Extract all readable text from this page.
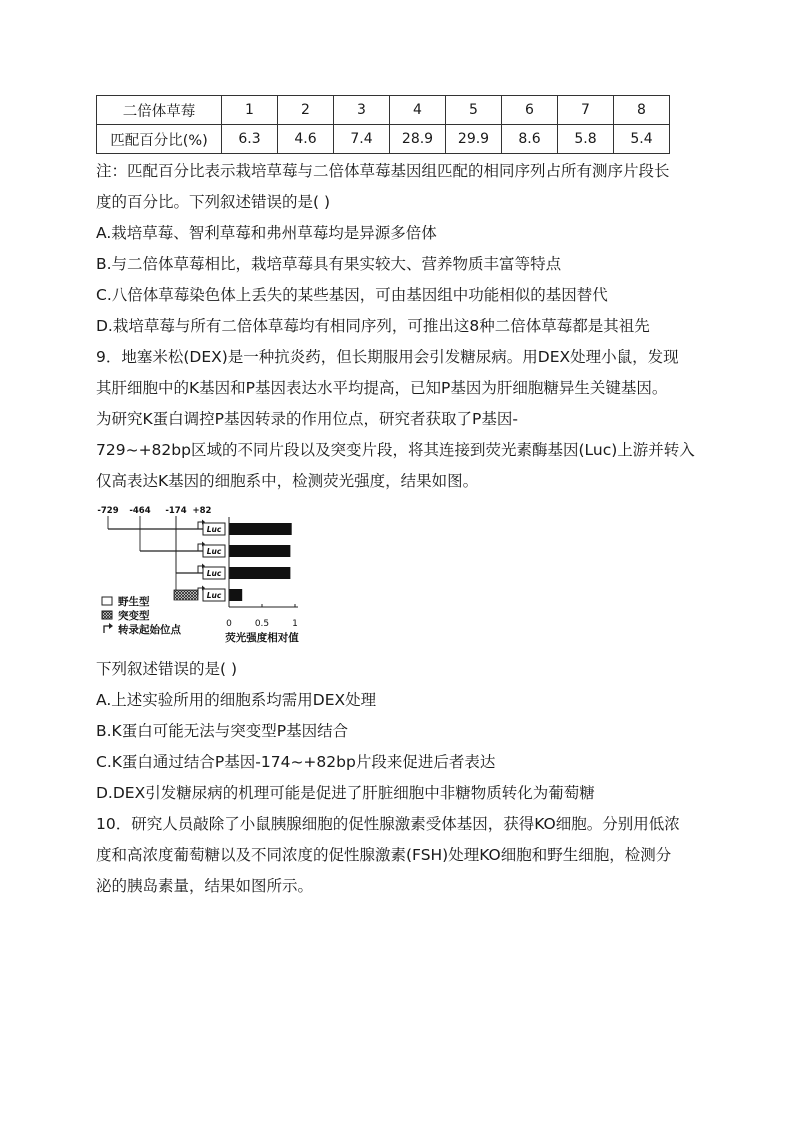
二倍体草莓	1	2	3	4	5	6	7	8
匹配百分比(%)	6.3	4.6	7.4	28.9	29.9	8.6	5.8	5.4
注：匹配百分比表示栽培草莓与二倍体草莓基因组匹配的相同序列占所有测序片段长
度的百分比。下列叙述错误的是( )
A.栽培草莓、智利草莓和弗州草莓均是异源多倍体
B.与二倍体草莓相比，栽培草莓具有果实较大、营养物质丰富等特点
C.八倍体草莓染色体上丢失的某些基因，可由基因组中功能相似的基因替代
D.栽培草莓与所有二倍体草莓均有相同序列，可推出这8种二倍体草莓都是其祖先
9．地塞米松(DEX)是一种抗炎药，但长期服用会引发糖尿病。用DEX处理小鼠，发现
其肝细胞中的K基因和P基因表达水平均提高，已知P基因为肝细胞糖异生关键基因。
为研究K蛋白调控P基因转录的作用位点，研究者获取了P基因-
729~+82bp区域的不同片段以及突变片段，将其连接到荧光素酶基因(Luc)上游并转入
仅高表达K基因的细胞系中，检测荧光强度，结果如图。
-729 -464 -174 +82
Luc
Luc
Luc
Luc
0	0.5	1
荧光强度相对值
野生型
突变型
转录起始位点
下列叙述错误的是( )
A.上述实验所用的细胞系均需用DEX处理
B.K蛋白可能无法与突变型P基因结合
C.K蛋白通过结合P基因-174~+82bp片段来促进后者表达
D.DEX引发糖尿病的机理可能是促进了肝脏细胞中非糖物质转化为葡萄糖
10．研究人员敲除了小鼠胰腺细胞的促性腺激素受体基因，获得KO细胞。分别用低浓
度和高浓度葡萄糖以及不同浓度的促性腺激素(FSH)处理KO细胞和野生细胞，检测分
泌的胰岛素量，结果如图所示。
